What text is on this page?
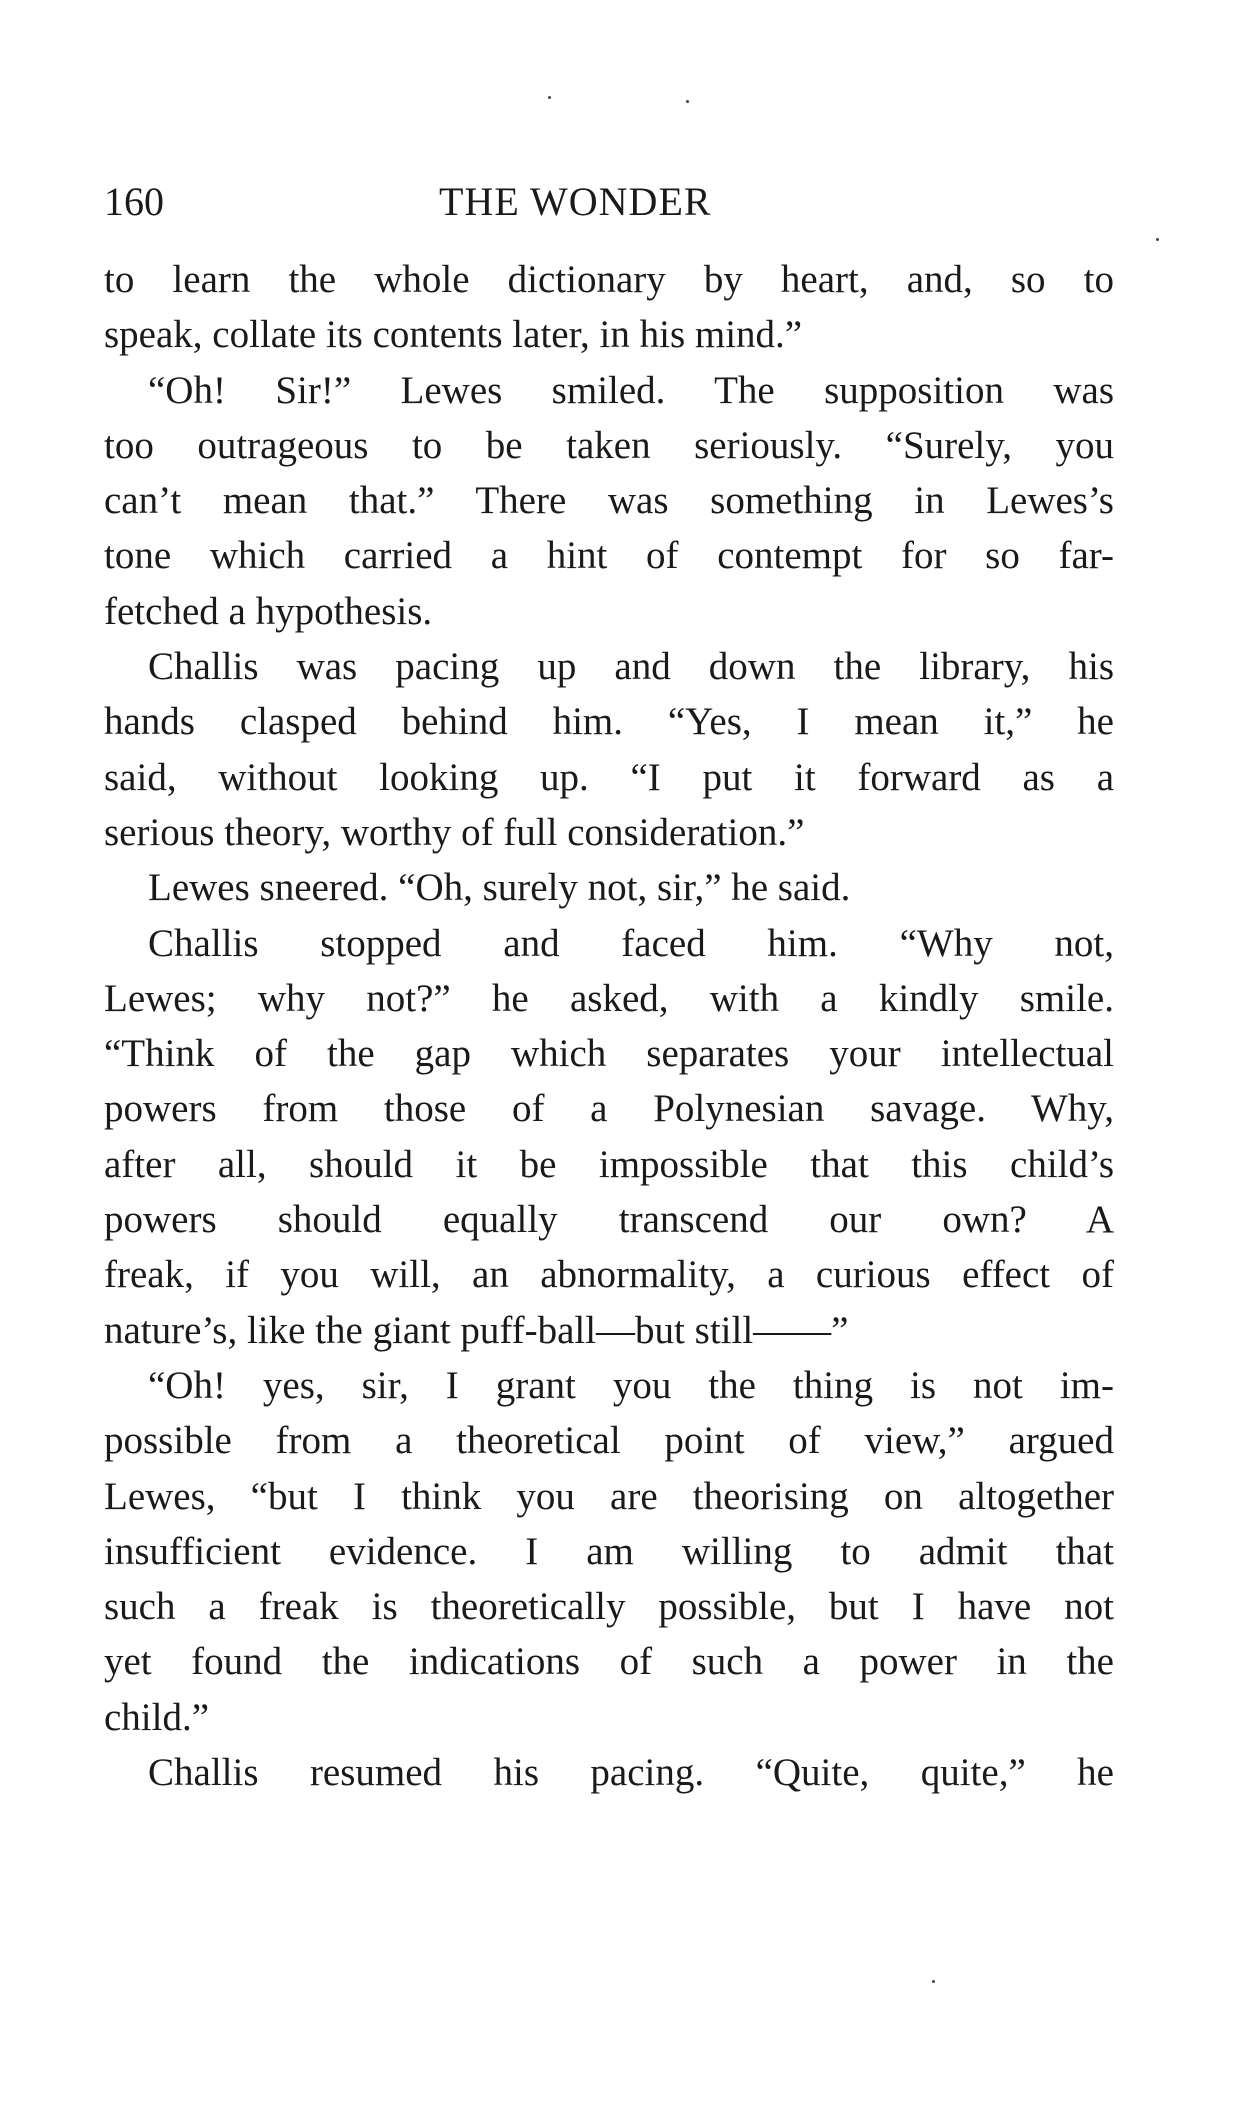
160	THE WONDER
to learn the whole dictionary by heart, and, so to
speak, collate its contents later, in his mind.”
“Oh! Sir!” Lewes smiled. The supposition was
too outrageous to be taken seriously. “Surely, you
can’t mean that.” There was something in Lewes’s
tone which carried a hint of contempt for so far-
fetched a hypothesis.
Challis was pacing up and down the library, his
hands clasped behind him. “Yes, I mean it,” he
said, without looking up. “I put it forward as a
serious theory, worthy of full consideration.”
Lewes sneered. “Oh, surely not, sir,” he said.
Challis stopped and faced him. “Why not,
Lewes; why not?” he asked, with a kindly smile.
“Think of the gap which separates your intellectual
powers from those of a Polynesian savage. Why,
after all, should it be impossible that this child’s
powers should equally transcend our own? A
freak, if you will, an abnormality, a curious effect of
nature’s, like the giant puff-ball—but still——”
“Oh! yes, sir, I grant you the thing is not im-
possible from a theoretical point of view,” argued
Lewes, “but I think you are theorising on altogether
insufficient evidence. I am willing to admit that
such a freak is theoretically possible, but I have not
yet found the indications of such a power in the
child.”
Challis resumed his pacing. “Quite, quite,” he
